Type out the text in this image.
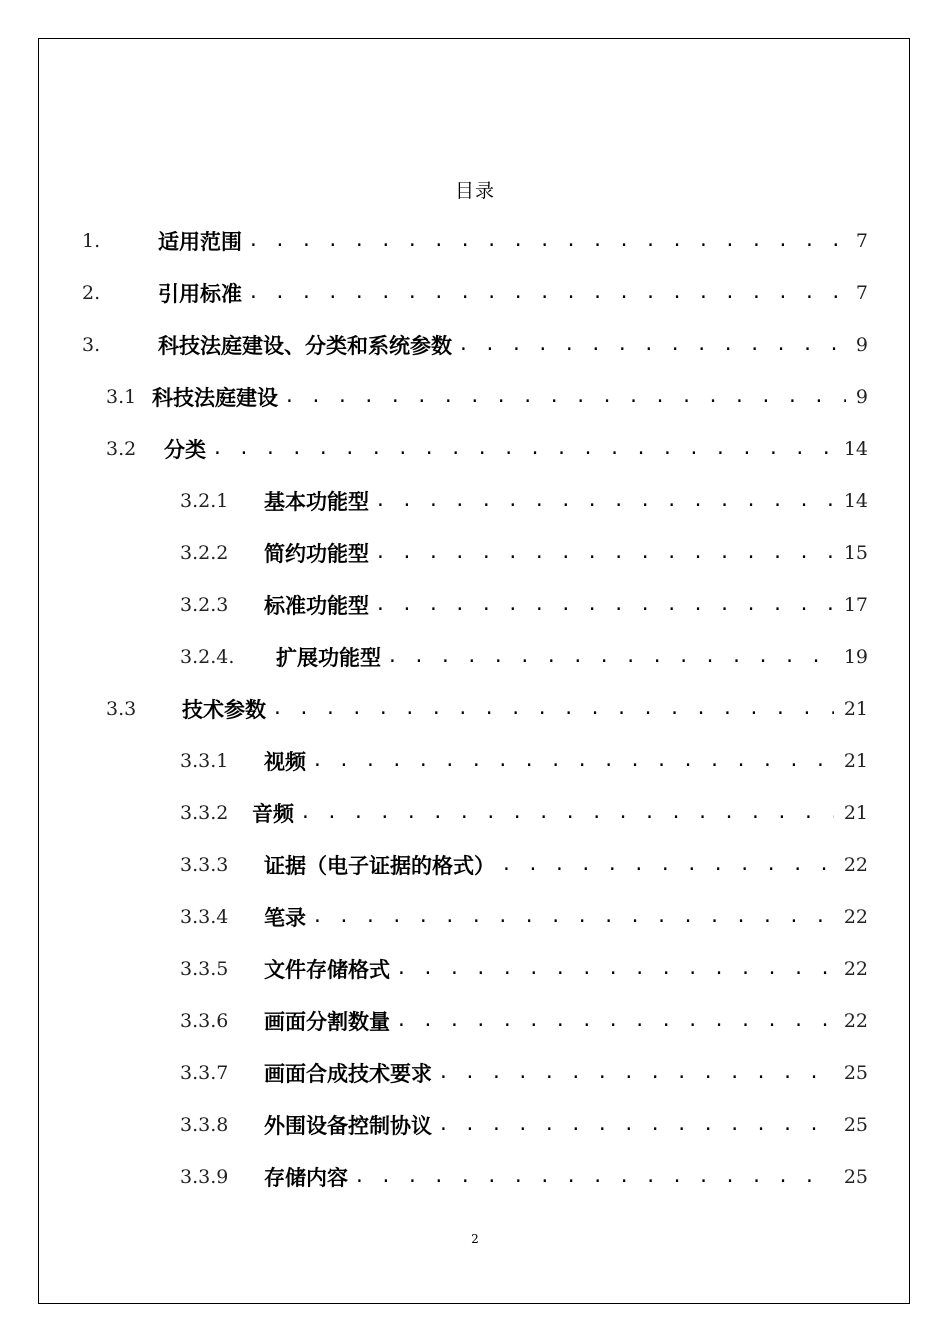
目录
1.	适用范围 . . .	7
2.	引用标准 . . .	7
3.	科技法庭建设、分类和系统参数 . . .	9
3.1 科技法庭建设 . . .	9
3.2	分类 . . .	14
3.2.1	基本功能型 . . .	14
3.2.2	简约功能型 . . .	15
3.2.3	标准功能型 . . .	17
3.2.4.	扩展功能型 . . .	19
3.3	技术参数 . . .	21
3.3.1	视频 . . .	21
3.3.2	音频 . . .	21
3.3.3	证据（电子证据的格式） . . .	22
3.3.4	笔录 . . .	22
3.3.5	文件存储格式 . . .	22
3.3.6	画面分割数量 . . .	22
3.3.7	画面合成技术要求 . . .	25
3.3.8	外围设备控制协议 . . .	25
3.3.9	存储内容 . . .	25
2
